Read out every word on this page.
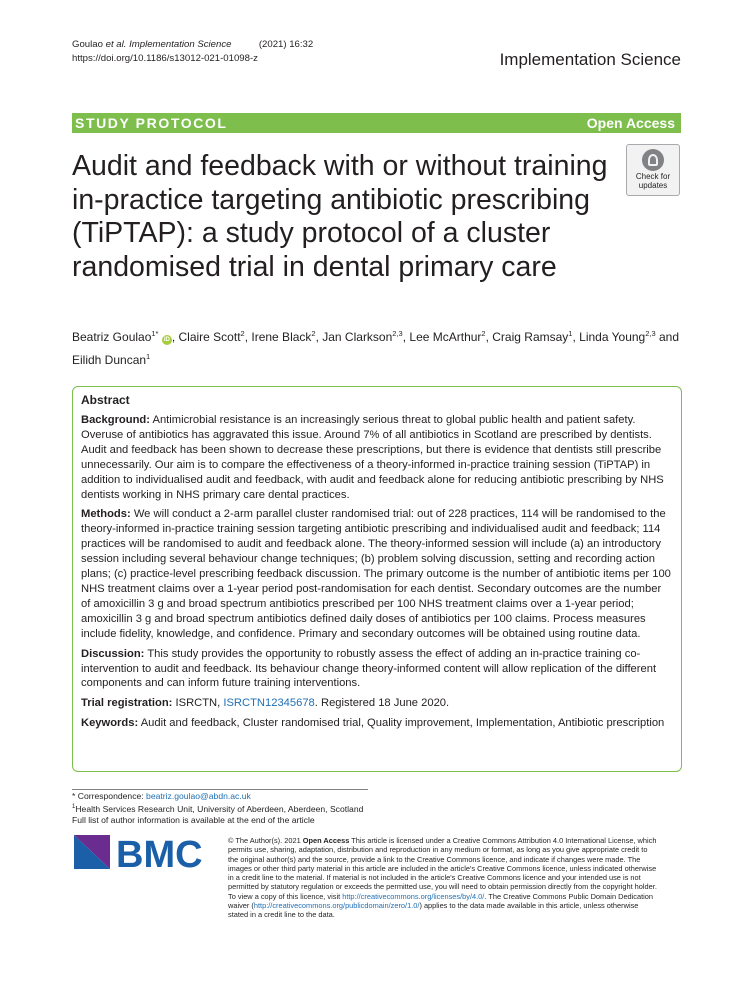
Goulao et al. Implementation Science	(2021) 16:32
https://doi.org/10.1186/s13012-021-01098-z	Implementation Science
STUDY PROTOCOL	Open Access
Audit and feedback with or without training in-practice targeting antibiotic prescribing (TiPTAP): a study protocol of a cluster randomised trial in dental primary care
Check for
updates
Beatriz Goulao$^{1*}$ iD , Claire Scott$^2$, Irene Black$^2$, Jan Clarkson$^{2,3}$, Lee McArthur$^2$, Craig Ramsay$^1$, Linda Young$^{2,3}$ and Eilidh Duncan$^1$
Abstract

Background: Antimicrobial resistance is an increasingly serious threat to global public health and patient safety. Overuse of antibiotics has aggravated this issue. Around 7% of all antibiotics in Scotland are prescribed by dentists. Audit and feedback has been shown to decrease these prescriptions, but there is evidence that dentists still prescribe unnecessarily. Our aim is to compare the effectiveness of a theory-informed in-practice training session (TiPTAP) in addition to individualised audit and feedback, with audit and feedback alone for reducing antibiotic prescribing by NHS dentists working in NHS primary care dental practices.

Methods: We will conduct a 2-arm parallel cluster randomised trial: out of 228 practices, 114 will be randomised to the theory-informed in-practice training session targeting antibiotic prescribing and individualised audit and feedback; 114 practices will be randomised to audit and feedback alone. The theory-informed session will include (a) an introductory session including several behaviour change techniques; (b) problem solving discussion, setting and recording action plans; (c) practice-level prescribing feedback discussion. The primary outcome is the number of antibiotic items per 100 NHS treatment claims over a 1-year period post-randomisation for each dentist. Secondary outcomes are the number of amoxicillin 3 g and broad spectrum antibiotics prescribed per 100 NHS treatment claims over a 1-year period; amoxicillin 3 g and broad spectrum antibiotics defined daily doses of antibiotics per 100 claims. Process measures include fidelity, knowledge, and confidence. Primary and secondary outcomes will be obtained using routine data.

Discussion: This study provides the opportunity to robustly assess the effect of adding an in-practice training co-intervention to audit and feedback. Its behaviour change theory-informed content will allow replication of the different components and can inform future training interventions.

Trial registration: ISRCTN, ISRCTN12345678. Registered 18 June 2020.

Keywords: Audit and feedback, Cluster randomised trial, Quality improvement, Implementation, Antibiotic prescription

* Correspondence: beatriz.goulao@abdn.ac.uk
$^1$Health Services Research Unit, University of Aberdeen, Aberdeen, Scotland
Full list of author information is available at the end of the article
BMC	© The Author(s). 2021 Open Access This article is licensed under a Creative Commons Attribution 4.0 International License, which permits use, sharing, adaptation, distribution and reproduction in any medium or format, as long as you give appropriate credit to the original author(s) and the source, provide a link to the Creative Commons licence, and indicate if changes were made. The images or other third party material in this article are included in the article's Creative Commons licence, unless indicated otherwise in a credit line to the material. If material is not included in the article's Creative Commons licence and your intended use is not permitted by statutory regulation or exceeds the permitted use, you will need to obtain permission directly from the copyright holder. To view a copy of this licence, visit http://creativecommons.org/licenses/by/4.0/. The Creative Commons Public Domain Dedication waiver (http://creativecommons.org/publicdomain/zero/1.0/) applies to the data made available in this article, unless otherwise stated in a credit line to the data.
